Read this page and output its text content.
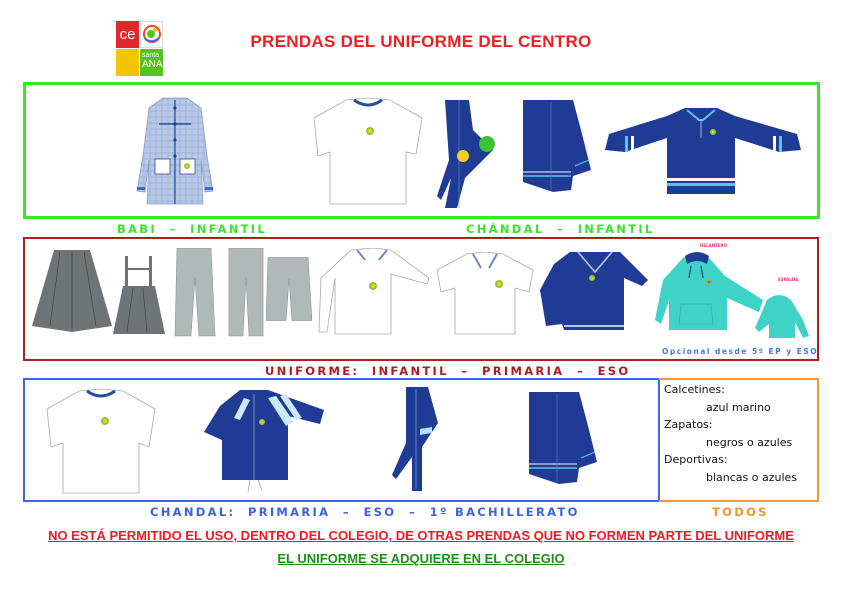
ce
santa
ANA
PRENDAS DEL UNIFORME DEL CENTRO
BABI  –  INFANTIL	CHÁNDAL  –  INFANTIL
DELANTERO
ESPALDA
Opcional desde 5º EP y ESO
UNIFORME:  INFANTIL  –  PRIMARIA  –  ESO
CHANDAL:  PRIMARIA  –  ESO  –  1º BACHILLERATO
Calcetines:
azul marino
Zapatos:
negros o azules
Deportivas:
blancas o azules
TODOS
NO ESTÁ PERMITIDO EL USO, DENTRO DEL COLEGIO, DE OTRAS PRENDAS QUE NO FORMEN PARTE DEL UNIFORME
EL UNIFORME SE ADQUIERE EN EL COLEGIO
